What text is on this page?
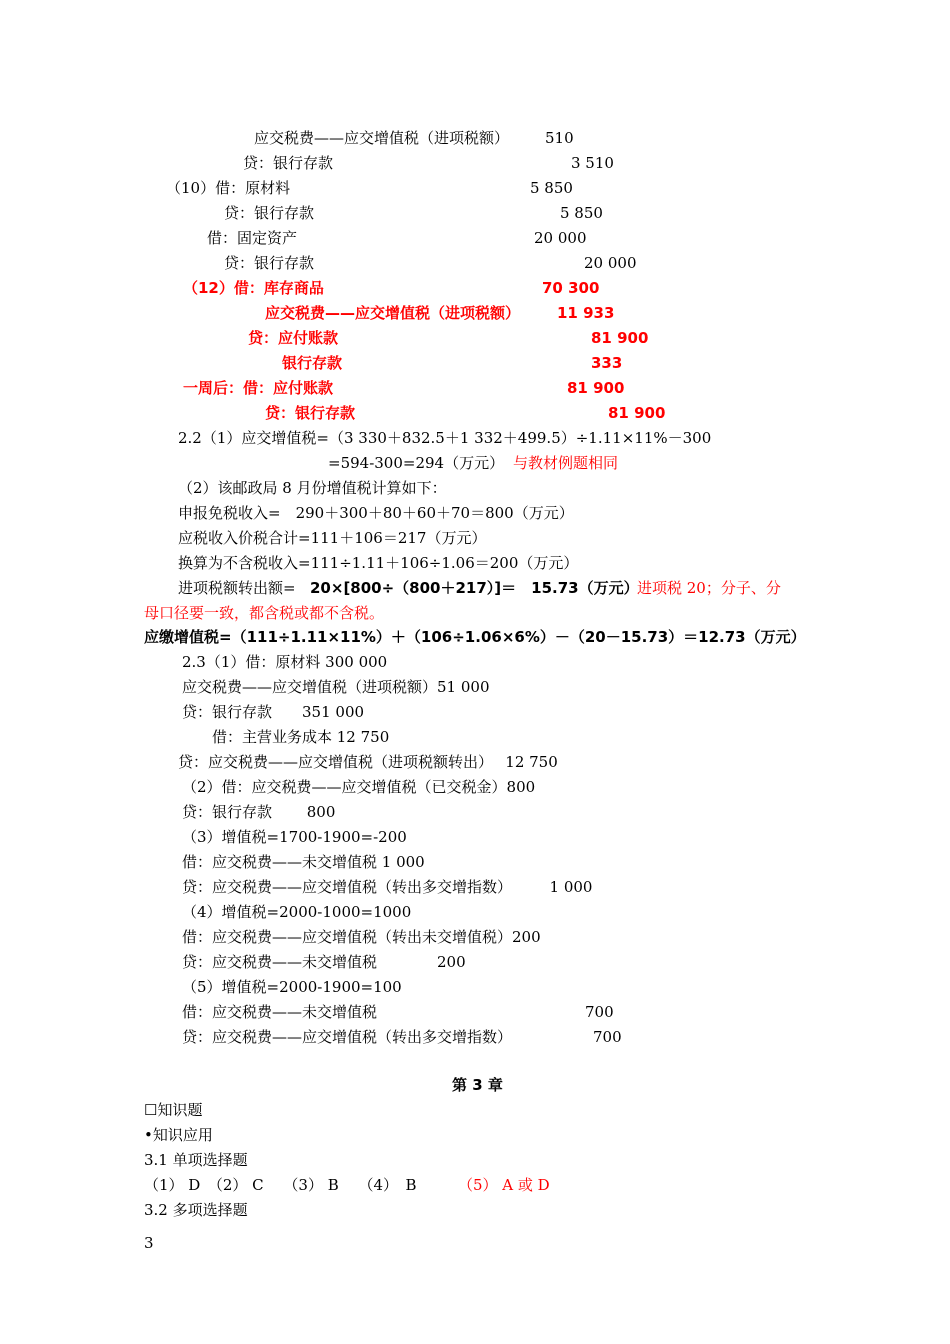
应交税费——应交增值税（进项税额） 510
贷：银行存款	3 510
（10）借：原材料	5 850
贷：银行存款	5 850
借：固定资产	20 000
贷：银行存款	20 000
（12）借：库存商品	70 300
应交税费——应交增值税（进项税额） 11 933
贷：应付账款	81 900
银行存款	333
一周后：借：应付账款	81 900
贷：银行存款	81 900
2.2（1）应交增值税=（3 330＋832.5＋1 332＋499.5）÷1.11×11%－300
=594-300=294（万元） 与教材例题相同
（2）该邮政局 8 月份增值税计算如下：
申报免税收入=　290＋300＋80＋60＋70＝800（万元）
应税收入价税合计=111＋106＝217（万元）
换算为不含税收入=111÷1.11＋106÷1.06＝200（万元）
进项税额转出额= 20×[800÷（800＋217）]＝　15.73（万元）
进项税 20；分子、分
母口径要一致，都含税或都不含税。
应缴增值税=（111÷1.11×11%）＋（106÷1.06×6%）－（20－15.73）＝12.73（万元）
2.3（1）借：原材料 300 000
应交税费——应交增值税（进项税额）51 000
贷：银行存款　　351 000
借：主营业务成本 12 750
贷：应交税费——应交增值税（进项税额转出）　 12 750
（2）借：应交税费——应交增值税（已交税金）800
贷：银行存款　　 800
（3）增值税=1700-1900=-200
借：应交税费——未交增值税 1 000
贷：应交税费——应交增值税（转出多交增指数）　　　1 000
（4）增值税=2000-1000=1000
借：应交税费——应交增值税（转出未交增值税）200
贷：应交税费——未交增值税　　　　200
（5）增值税=2000-1900=100
借：应交税费——未交增值税	700
贷：应交税费——应交增值税（转出多交增指数）	700
第 3 章
☐知识题
•知识应用
3.1 单项选择题
（1） D　（2） C　 （3） B　 （4）　B	（5） A 或 D
3.2 多项选择题
3
